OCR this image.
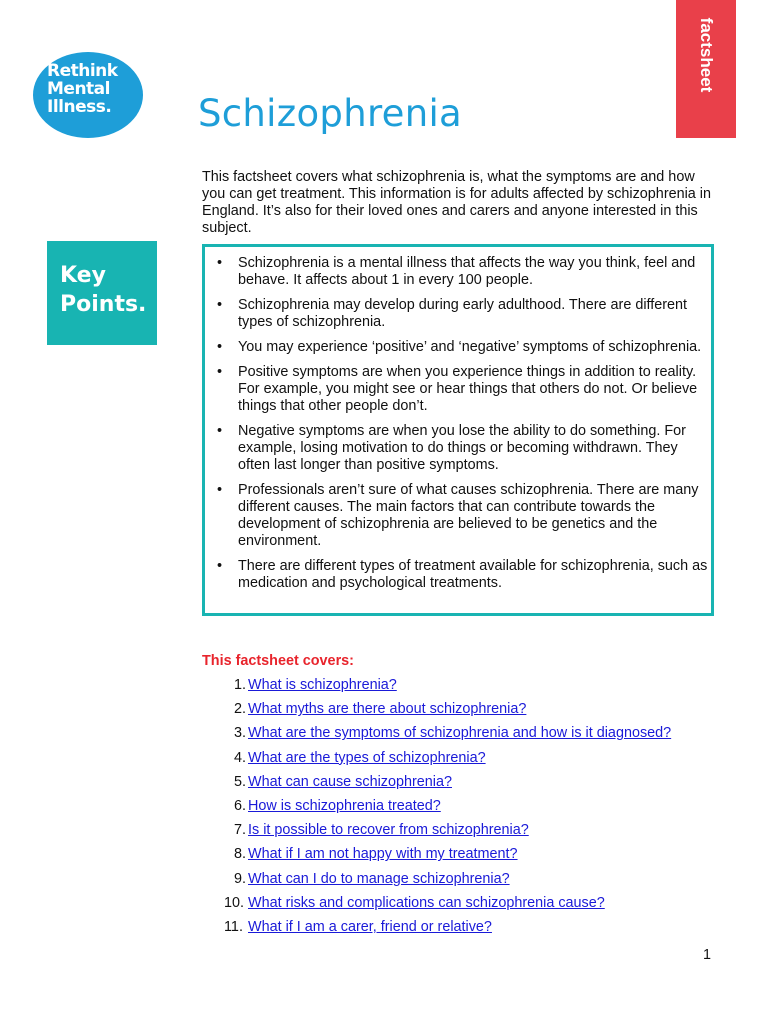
Rethink
Mental
Illness.
factsheet
Schizophrenia

This factsheet covers what schizophrenia is, what the symptoms are and how you can get treatment. This information is for adults affected by schizophrenia in England. It’s also for their loved ones and carers and anyone interested in this subject.

Key
Points.
• Schizophrenia is a mental illness that affects the way you think, feel and behave. It affects about 1 in every 100 people.
• Schizophrenia may develop during early adulthood. There are different types of schizophrenia.
• You may experience ‘positive’ and ‘negative’ symptoms of schizophrenia.
• Positive symptoms are when you experience things in addition to reality. For example, you might see or hear things that others do not. Or believe things that other people don’t.
• Negative symptoms are when you lose the ability to do something. For example, losing motivation to do things or becoming withdrawn. They often last longer than positive symptoms.
• Professionals aren’t sure of what causes schizophrenia. There are many different causes. The main factors that can contribute towards the development of schizophrenia are believed to be genetics and the environment.
• There are different types of treatment available for schizophrenia, such as medication and psychological treatments.
This factsheet covers:
1. What is schizophrenia?
2. What myths are there about schizophrenia?
3. What are the symptoms of schizophrenia and how is it diagnosed?
4. What are the types of schizophrenia?
5. What can cause schizophrenia?
6. How is schizophrenia treated?
7. Is it possible to recover from schizophrenia?
8. What if I am not happy with my treatment?
9. What can I do to manage schizophrenia?
10. What risks and complications can schizophrenia cause?
11. What if I am a carer, friend or relative?
1
